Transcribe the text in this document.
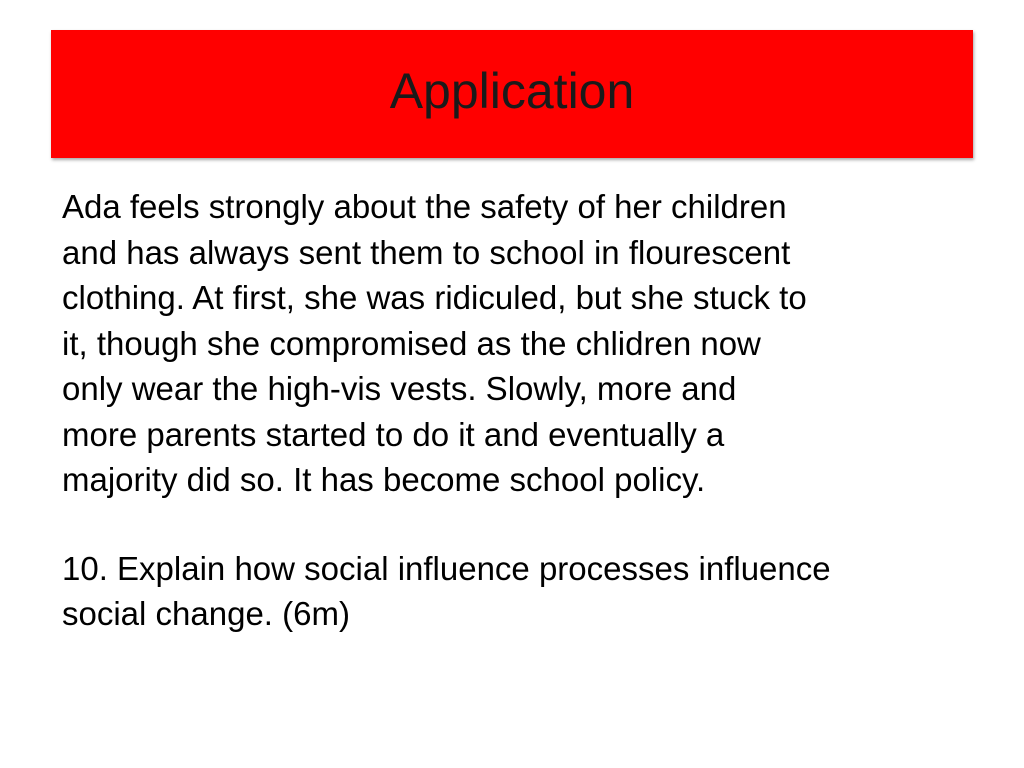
Application

Ada feels strongly about the safety of her children
and has always sent them to school in flourescent
clothing. At first, she was ridiculed, but she stuck to
it, though she compromised as the chlidren now
only wear the high-vis vests. Slowly, more and
more parents started to do it and eventually a
majority did so. It has become school policy.

10. Explain how social influence processes influence
social change. (6m)
